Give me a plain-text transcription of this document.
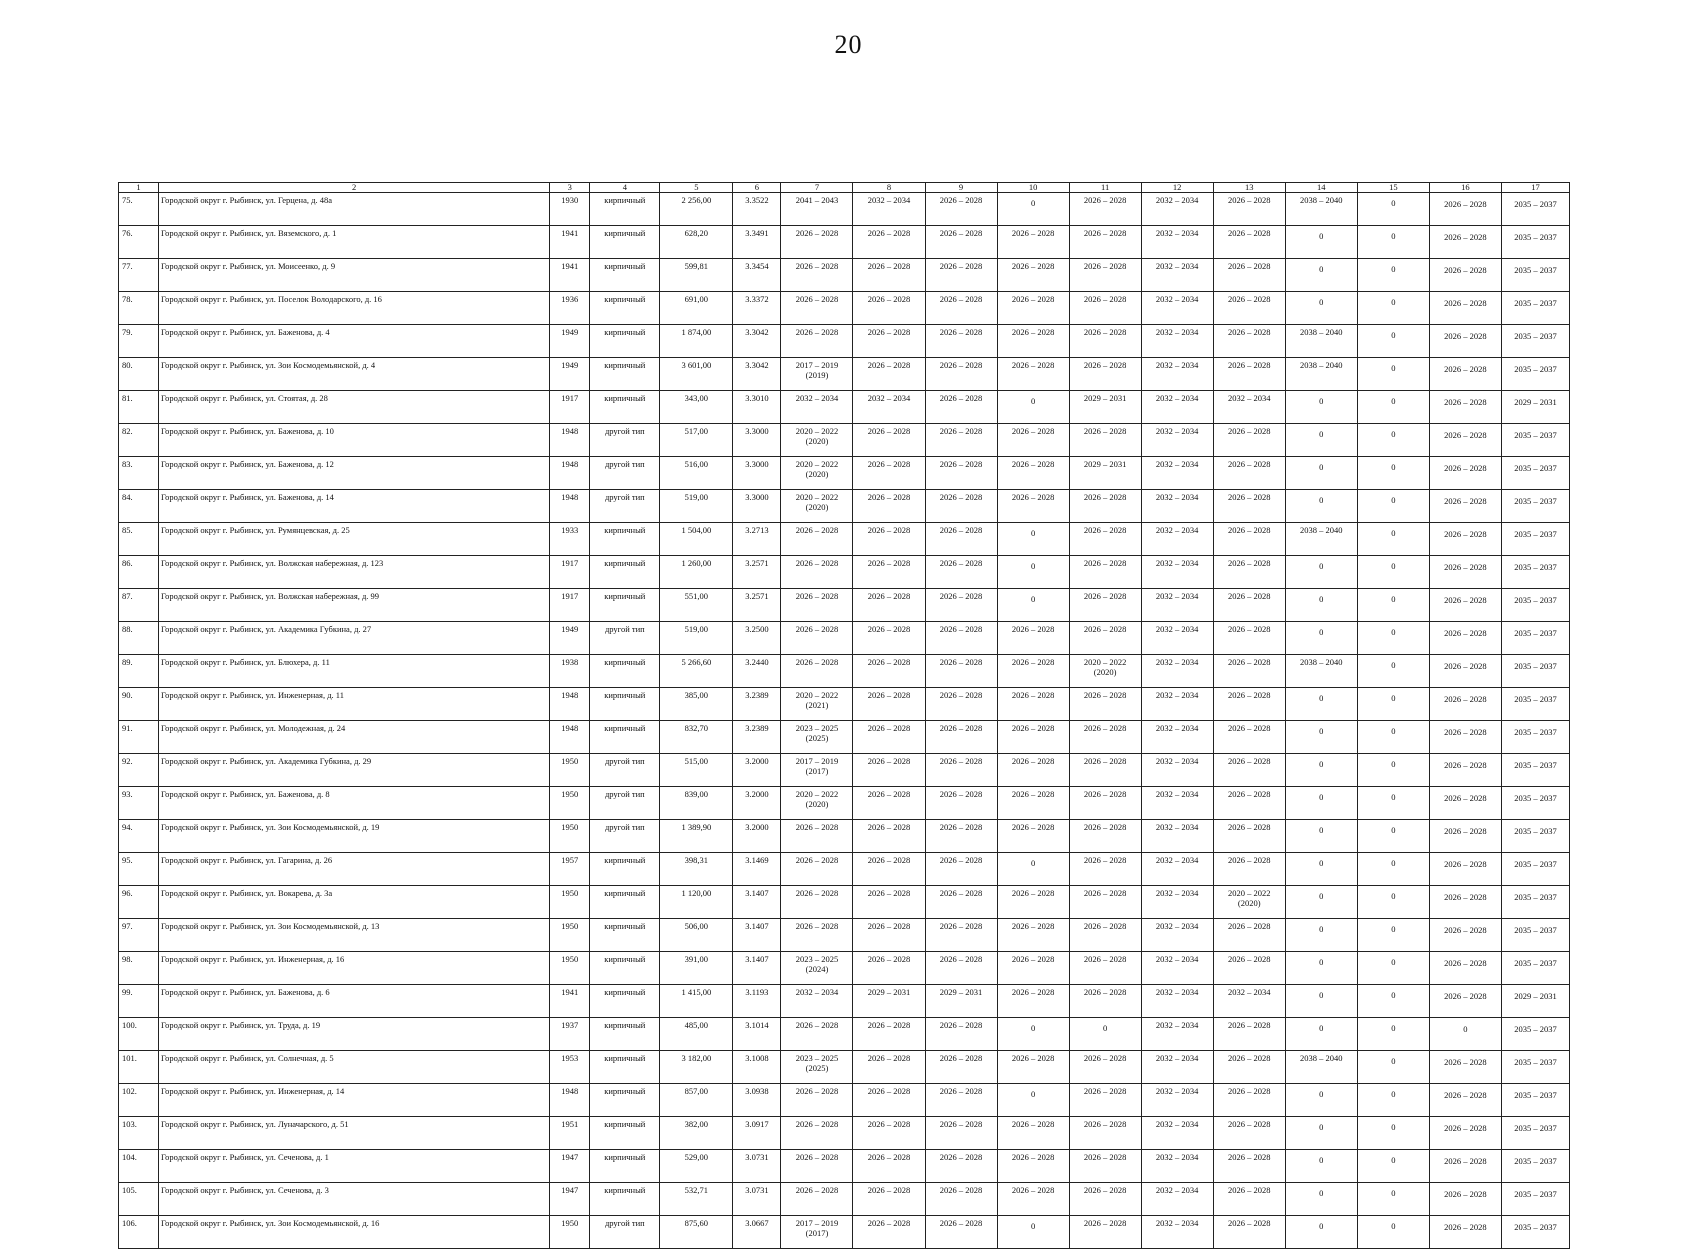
20
1	2	3	4	5	6	7	8	9	10	11	12	13	14	15	16	17
75.	Городской округ г. Рыбинск, ул. Герцена, д. 48а	1930	кирпичный	2 256,00	3.3522	2041 – 2043	2032 – 2034	2026 – 2028	0	2026 – 2028	2032 – 2034	2026 – 2028	2038 – 2040	0	2026 – 2028	2035 – 2037
76.	Городской округ г. Рыбинск, ул. Вяземского, д. 1	1941	кирпичный	628,20	3.3491	2026 – 2028	2026 – 2028	2026 – 2028	2026 – 2028	2026 – 2028	2032 – 2034	2026 – 2028	0	0	2026 – 2028	2035 – 2037
77.	Городской округ г. Рыбинск, ул. Моисеенко, д. 9	1941	кирпичный	599,81	3.3454	2026 – 2028	2026 – 2028	2026 – 2028	2026 – 2028	2026 – 2028	2032 – 2034	2026 – 2028	0	0	2026 – 2028	2035 – 2037
78.	Городской округ г. Рыбинск, ул. Поселок Володарского, д. 16	1936	кирпичный	691,00	3.3372	2026 – 2028	2026 – 2028	2026 – 2028	2026 – 2028	2026 – 2028	2032 – 2034	2026 – 2028	0	0	2026 – 2028	2035 – 2037
79.	Городской округ г. Рыбинск, ул. Баженова, д. 4	1949	кирпичный	1 874,00	3.3042	2026 – 2028	2026 – 2028	2026 – 2028	2026 – 2028	2026 – 2028	2032 – 2034	2026 – 2028	2038 – 2040	0	2026 – 2028	2035 – 2037
80.	Городской округ г. Рыбинск, ул. Зои Космодемьянской, д. 4	1949	кирпичный	3 601,00	3.3042	2017 – 2019 (2019)	2026 – 2028	2026 – 2028	2026 – 2028	2026 – 2028	2032 – 2034	2026 – 2028	2038 – 2040	0	2026 – 2028	2035 – 2037
81.	Городской округ г. Рыбинск, ул. Стоятая, д. 28	1917	кирпичный	343,00	3.3010	2032 – 2034	2032 – 2034	2026 – 2028	0	2029 – 2031	2032 – 2034	2032 – 2034	0	0	2026 – 2028	2029 – 2031
82.	Городской округ г. Рыбинск, ул. Баженова, д. 10	1948	другой тип	517,00	3.3000	2020 – 2022 (2020)	2026 – 2028	2026 – 2028	2026 – 2028	2026 – 2028	2032 – 2034	2026 – 2028	0	0	2026 – 2028	2035 – 2037
83.	Городской округ г. Рыбинск, ул. Баженова, д. 12	1948	другой тип	516,00	3.3000	2020 – 2022 (2020)	2026 – 2028	2026 – 2028	2026 – 2028	2029 – 2031	2032 – 2034	2026 – 2028	0	0	2026 – 2028	2035 – 2037
84.	Городской округ г. Рыбинск, ул. Баженова, д. 14	1948	другой тип	519,00	3.3000	2020 – 2022 (2020)	2026 – 2028	2026 – 2028	2026 – 2028	2026 – 2028	2032 – 2034	2026 – 2028	0	0	2026 – 2028	2035 – 2037
85.	Городской округ г. Рыбинск, ул. Румянцевская, д. 25	1933	кирпичный	1 504,00	3.2713	2026 – 2028	2026 – 2028	2026 – 2028	0	2026 – 2028	2032 – 2034	2026 – 2028	2038 – 2040	0	2026 – 2028	2035 – 2037
86.	Городской округ г. Рыбинск, ул. Волжская набережная, д. 123	1917	кирпичный	1 260,00	3.2571	2026 – 2028	2026 – 2028	2026 – 2028	0	2026 – 2028	2032 – 2034	2026 – 2028	0	0	2026 – 2028	2035 – 2037
87.	Городской округ г. Рыбинск, ул. Волжская набережная, д. 99	1917	кирпичный	551,00	3.2571	2026 – 2028	2026 – 2028	2026 – 2028	0	2026 – 2028	2032 – 2034	2026 – 2028	0	0	2026 – 2028	2035 – 2037
88.	Городской округ г. Рыбинск, ул. Академика Губкина, д. 27	1949	другой тип	519,00	3.2500	2026 – 2028	2026 – 2028	2026 – 2028	2026 – 2028	2026 – 2028	2032 – 2034	2026 – 2028	0	0	2026 – 2028	2035 – 2037
89.	Городской округ г. Рыбинск, ул. Блюхера, д. 11	1938	кирпичный	5 266,60	3.2440	2026 – 2028	2026 – 2028	2026 – 2028	2026 – 2028	2020 – 2022 (2020)	2032 – 2034	2026 – 2028	2038 – 2040	0	2026 – 2028	2035 – 2037
90.	Городской округ г. Рыбинск, ул. Инженерная, д. 11	1948	кирпичный	385,00	3.2389	2020 – 2022 (2021)	2026 – 2028	2026 – 2028	2026 – 2028	2026 – 2028	2032 – 2034	2026 – 2028	0	0	2026 – 2028	2035 – 2037
91.	Городской округ г. Рыбинск, ул. Молодежная, д. 24	1948	кирпичный	832,70	3.2389	2023 – 2025 (2025)	2026 – 2028	2026 – 2028	2026 – 2028	2026 – 2028	2032 – 2034	2026 – 2028	0	0	2026 – 2028	2035 – 2037
92.	Городской округ г. Рыбинск, ул. Академика Губкина, д. 29	1950	другой тип	515,00	3.2000	2017 – 2019 (2017)	2026 – 2028	2026 – 2028	2026 – 2028	2026 – 2028	2032 – 2034	2026 – 2028	0	0	2026 – 2028	2035 – 2037
93.	Городской округ г. Рыбинск, ул. Баженова, д. 8	1950	другой тип	839,00	3.2000	2020 – 2022 (2020)	2026 – 2028	2026 – 2028	2026 – 2028	2026 – 2028	2032 – 2034	2026 – 2028	0	0	2026 – 2028	2035 – 2037
94.	Городской округ г. Рыбинск, ул. Зои Космодемьянской, д. 19	1950	другой тип	1 389,90	3.2000	2026 – 2028	2026 – 2028	2026 – 2028	2026 – 2028	2026 – 2028	2032 – 2034	2026 – 2028	0	0	2026 – 2028	2035 – 2037
95.	Городской округ г. Рыбинск, ул. Гагарина, д. 26	1957	кирпичный	398,31	3.1469	2026 – 2028	2026 – 2028	2026 – 2028	0	2026 – 2028	2032 – 2034	2026 – 2028	0	0	2026 – 2028	2035 – 2037
96.	Городской округ г. Рыбинск, ул. Вокарева, д. 3а	1950	кирпичный	1 120,00	3.1407	2026 – 2028	2026 – 2028	2026 – 2028	2026 – 2028	2026 – 2028	2032 – 2034	2020 – 2022 (2020)	0	0	2026 – 2028	2035 – 2037
97.	Городской округ г. Рыбинск, ул. Зои Космодемьянской, д. 13	1950	кирпичный	506,00	3.1407	2026 – 2028	2026 – 2028	2026 – 2028	2026 – 2028	2026 – 2028	2032 – 2034	2026 – 2028	0	0	2026 – 2028	2035 – 2037
98.	Городской округ г. Рыбинск, ул. Инженерная, д. 16	1950	кирпичный	391,00	3.1407	2023 – 2025 (2024)	2026 – 2028	2026 – 2028	2026 – 2028	2026 – 2028	2032 – 2034	2026 – 2028	0	0	2026 – 2028	2035 – 2037
99.	Городской округ г. Рыбинск, ул. Баженова, д. 6	1941	кирпичный	1 415,00	3.1193	2032 – 2034	2029 – 2031	2029 – 2031	2026 – 2028	2026 – 2028	2032 – 2034	2032 – 2034	0	0	2026 – 2028	2029 – 2031
100.	Городской округ г. Рыбинск, ул. Труда, д. 19	1937	кирпичный	485,00	3.1014	2026 – 2028	2026 – 2028	2026 – 2028	0	0	2032 – 2034	2026 – 2028	0	0	0	2035 – 2037
101.	Городской округ г. Рыбинск, ул. Солнечная, д. 5	1953	кирпичный	3 182,00	3.1008	2023 – 2025 (2025)	2026 – 2028	2026 – 2028	2026 – 2028	2026 – 2028	2032 – 2034	2026 – 2028	2038 – 2040	0	2026 – 2028	2035 – 2037
102.	Городской округ г. Рыбинск, ул. Инженерная, д. 14	1948	кирпичный	857,00	3.0938	2026 – 2028	2026 – 2028	2026 – 2028	0	2026 – 2028	2032 – 2034	2026 – 2028	0	0	2026 – 2028	2035 – 2037
103.	Городской округ г. Рыбинск, ул. Луначарского, д. 51	1951	кирпичный	382,00	3.0917	2026 – 2028	2026 – 2028	2026 – 2028	2026 – 2028	2026 – 2028	2032 – 2034	2026 – 2028	0	0	2026 – 2028	2035 – 2037
104.	Городской округ г. Рыбинск, ул. Сеченова, д. 1	1947	кирпичный	529,00	3.0731	2026 – 2028	2026 – 2028	2026 – 2028	2026 – 2028	2026 – 2028	2032 – 2034	2026 – 2028	0	0	2026 – 2028	2035 – 2037
105.	Городской округ г. Рыбинск, ул. Сеченова, д. 3	1947	кирпичный	532,71	3.0731	2026 – 2028	2026 – 2028	2026 – 2028	2026 – 2028	2026 – 2028	2032 – 2034	2026 – 2028	0	0	2026 – 2028	2035 – 2037
106.	Городской округ г. Рыбинск, ул. Зои Космодемьянской, д. 16	1950	другой тип	875,60	3.0667	2017 – 2019 (2017)	2026 – 2028	2026 – 2028	0	2026 – 2028	2032 – 2034	2026 – 2028	0	0	2026 – 2028	2035 – 2037
